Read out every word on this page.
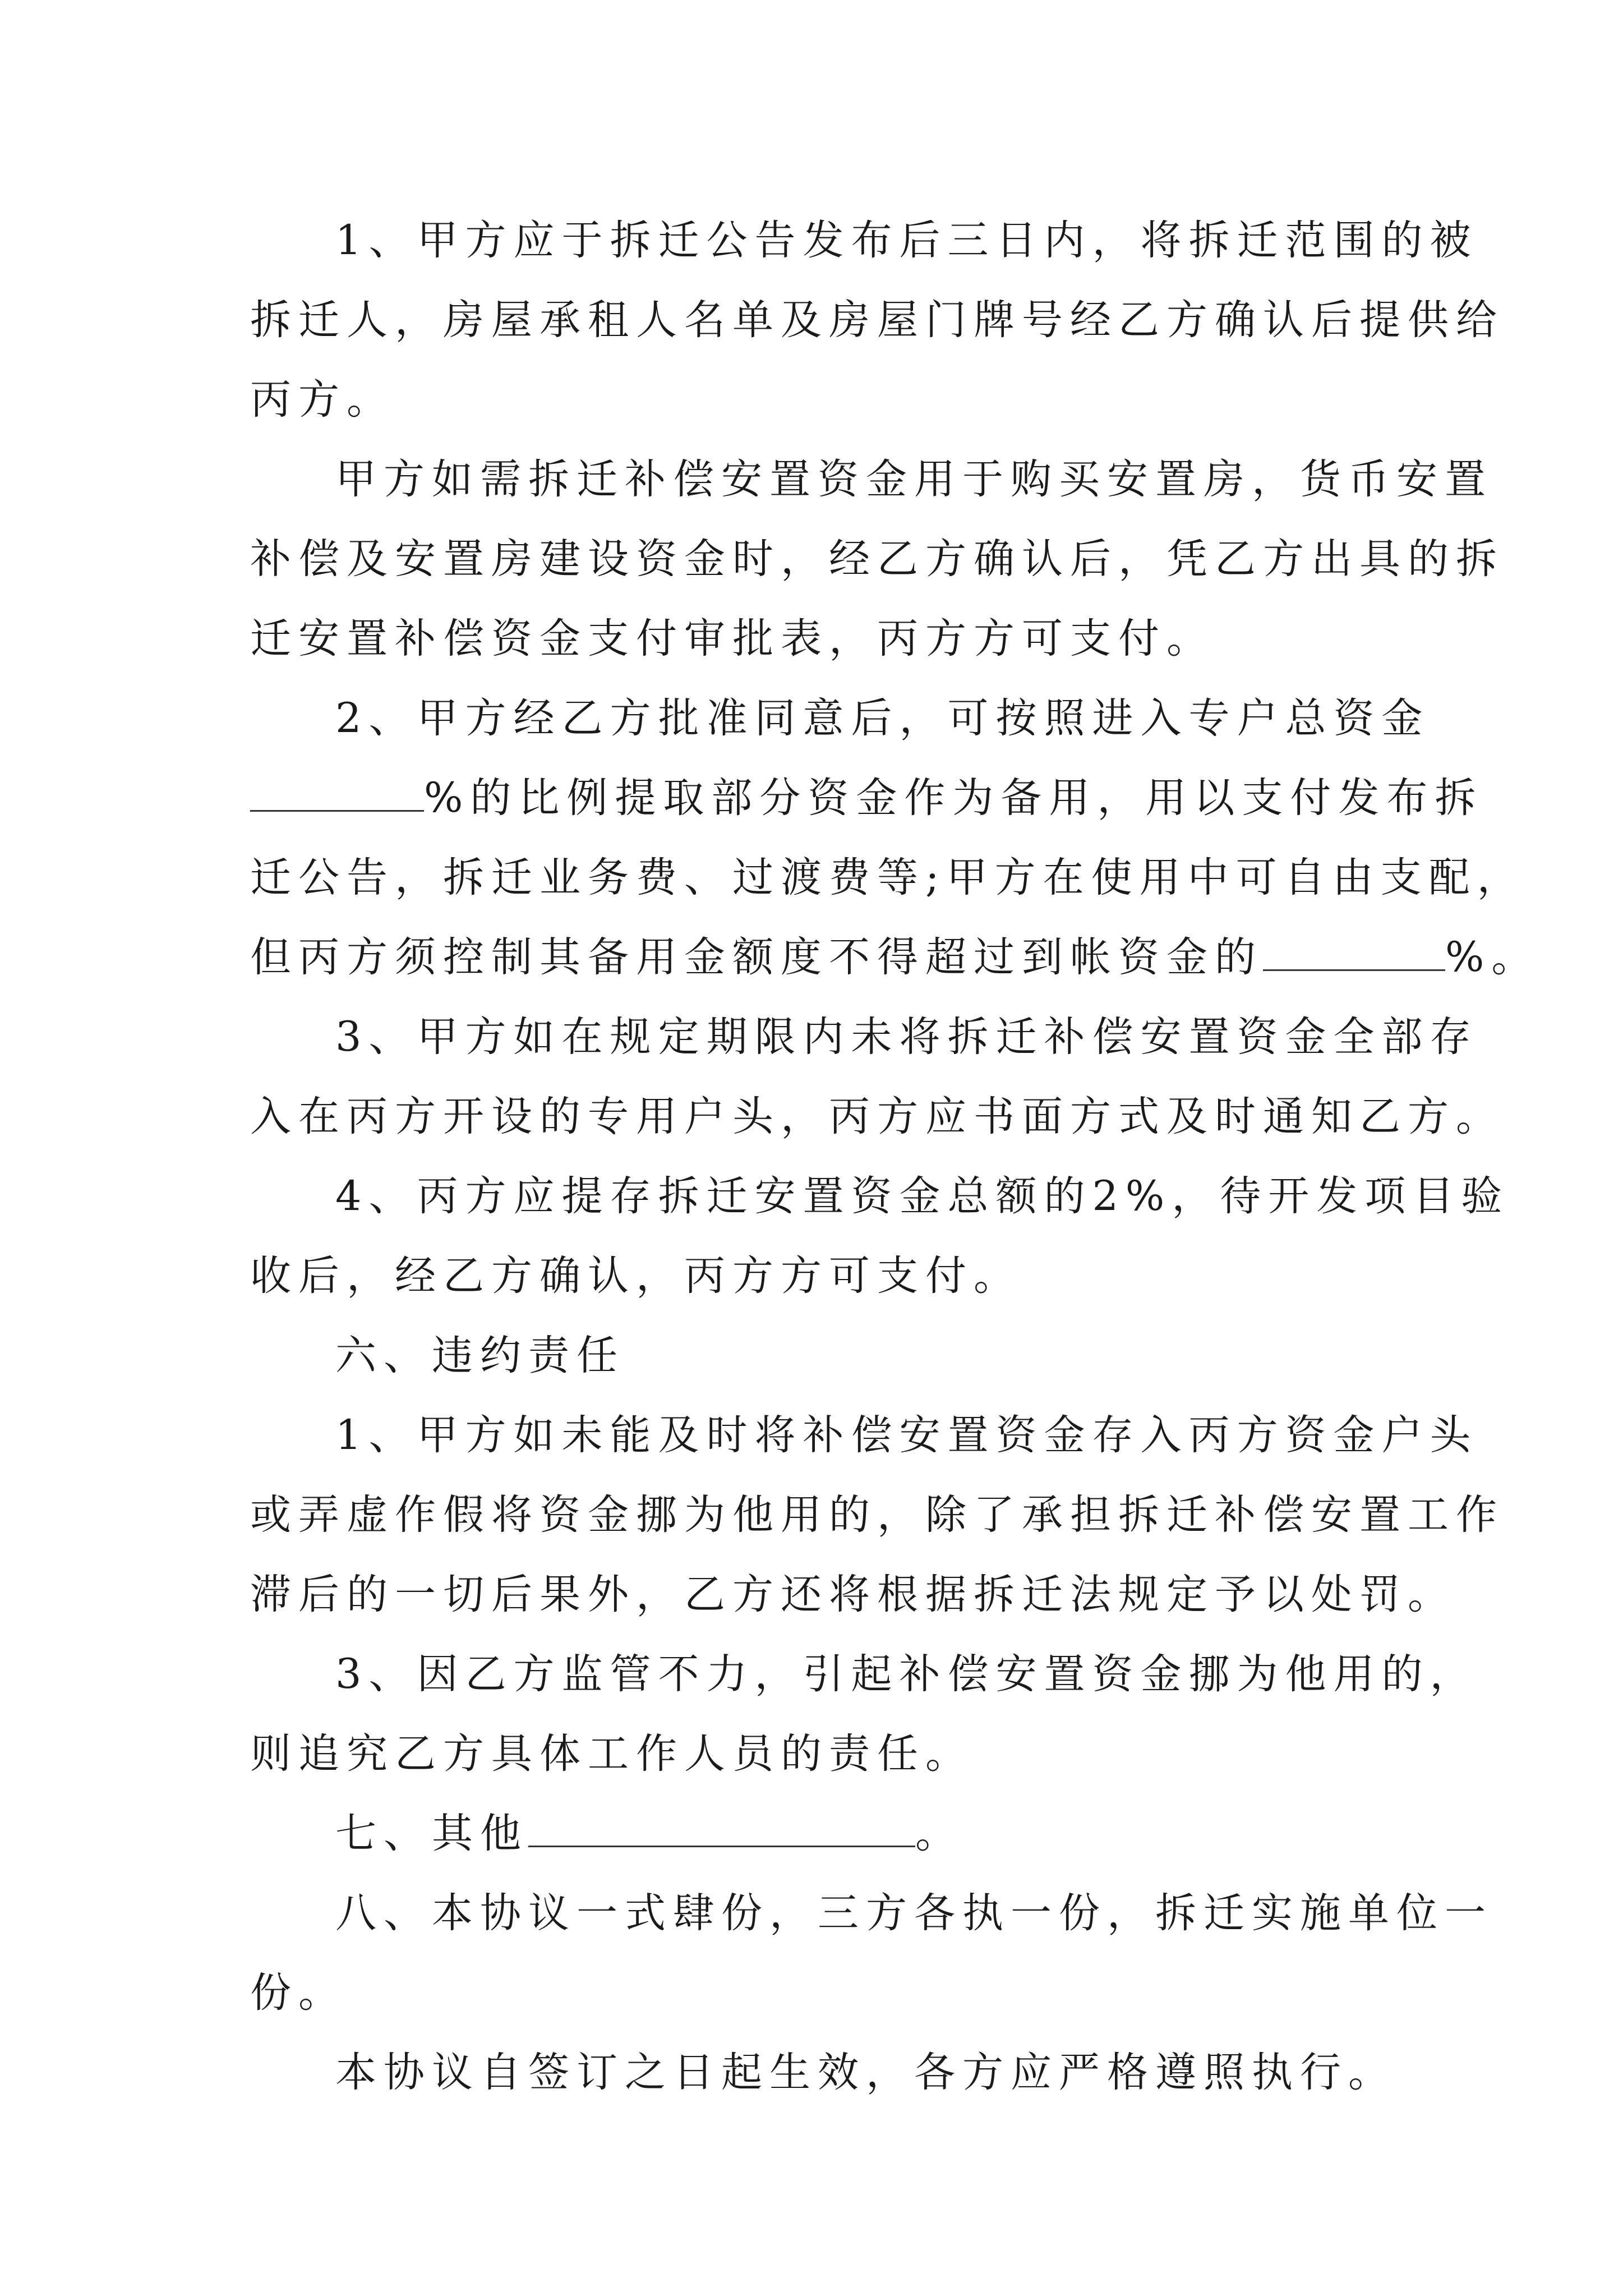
1、甲方应于拆迁公告发布后三日内，将拆迁范围的被
拆迁人，房屋承租人名单及房屋门牌号经乙方确认后提供给
丙方。
甲方如需拆迁补偿安置资金用于购买安置房，货币安置
补偿及安置房建设资金时，经乙方确认后，凭乙方出具的拆
迁安置补偿资金支付审批表，丙方方可支付。
2、甲方经乙方批准同意后，可按照进入专户总资金
%的比例提取部分资金作为备用，用以支付发布拆
迁公告，拆迁业务费、过渡费等;甲方在使用中可自由支配，
但丙方须控制其备用金额度不得超过到帐资金的	%。
3、甲方如在规定期限内未将拆迁补偿安置资金全部存
入在丙方开设的专用户头，丙方应书面方式及时通知乙方。
4、丙方应提存拆迁安置资金总额的2%，待开发项目验
收后，经乙方确认，丙方方可支付。
六、违约责任
1、甲方如未能及时将补偿安置资金存入丙方资金户头
或弄虚作假将资金挪为他用的，除了承担拆迁补偿安置工作
滞后的一切后果外，乙方还将根据拆迁法规定予以处罚。
3、因乙方监管不力，引起补偿安置资金挪为他用的，
则追究乙方具体工作人员的责任。
七、其他	。
八、本协议一式肆份，三方各执一份，拆迁实施单位一
份。
本协议自签订之日起生效，各方应严格遵照执行。
